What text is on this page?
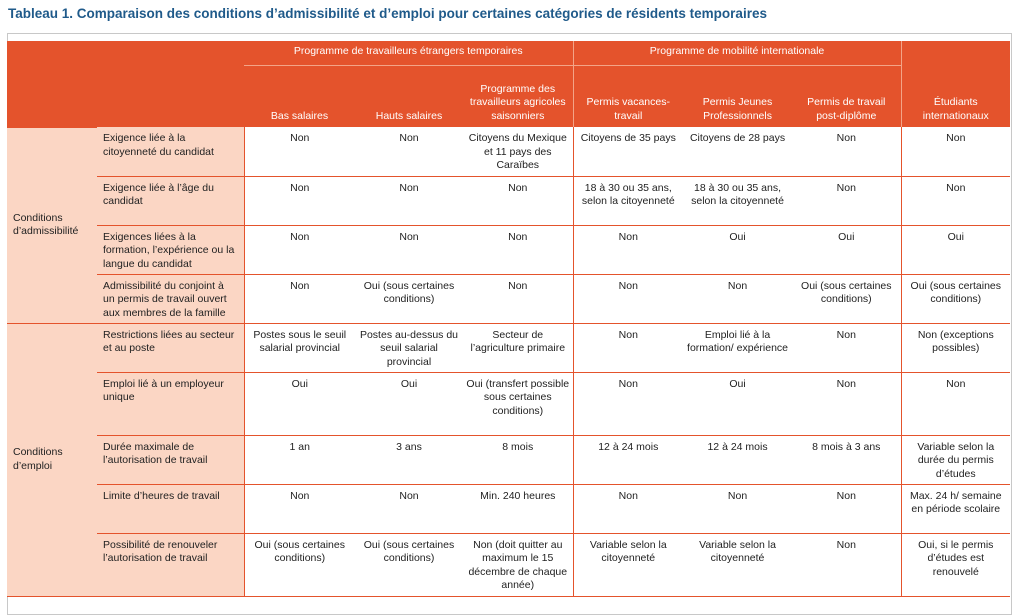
Tableau 1. Comparaison des conditions d’admissibilité et d’emploi pour certaines catégories de résidents temporaires
		Programme de travailleurs étrangers temporaires			Programme de mobilité internationale			Étudiants internationaux
		Bas salaires	Hauts salaires	Programme des travailleurs agricoles saisonniers	Permis vacances-travail	Permis Jeunes Professionnels	Permis de travail post-diplôme	
Conditions d’admissibilité	Exigence liée à la citoyenneté du candidat	Non	Non	Citoyens du Mexique et 11 pays des Caraïbes	Citoyens de 35 pays	Citoyens de 28 pays	Non	Non
	Exigence liée à l’âge du candidat	Non	Non	Non	18 à 30 ou 35 ans, selon la citoyenneté	18 à 30 ou 35 ans, selon la citoyenneté	Non	Non
	Exigences liées à la formation, l’expérience ou la langue du candidat	Non	Non	Non	Non	Oui	Oui	Oui
	Admissibilité du conjoint à un permis de travail ouvert aux membres de la famille	Non	Oui (sous certaines conditions)	Non	Non	Non	Oui (sous certaines conditions)	Oui (sous certaines conditions)
Conditions d’emploi	Restrictions liées au secteur et au poste	Postes sous le seuil salarial provincial	Postes au-dessus du seuil salarial provincial	Secteur de l’agriculture primaire	Non	Emploi lié à la formation/ expérience	Non	Non (exceptions possibles)
	Emploi lié à un employeur unique	Oui	Oui	Oui (transfert possible sous certaines conditions)	Non	Oui	Non	Non
	Durée maximale de l’autorisation de travail	1 an	3 ans	8 mois	12 à 24 mois	12 à 24 mois	8 mois à 3 ans	Variable selon la durée du permis d’études
	Limite d’heures de travail	Non	Non	Min. 240 heures	Non	Non	Non	Max. 24 h/ semaine en période scolaire
	Possibilité de renouveler l’autorisation de travail	Oui (sous certaines conditions)	Oui (sous certaines conditions)	Non (doit quitter au maximum le 15 décembre de chaque année)	Variable selon la citoyenneté	Variable selon la citoyenneté	Non	Oui, si le permis d’études est renouvelé
